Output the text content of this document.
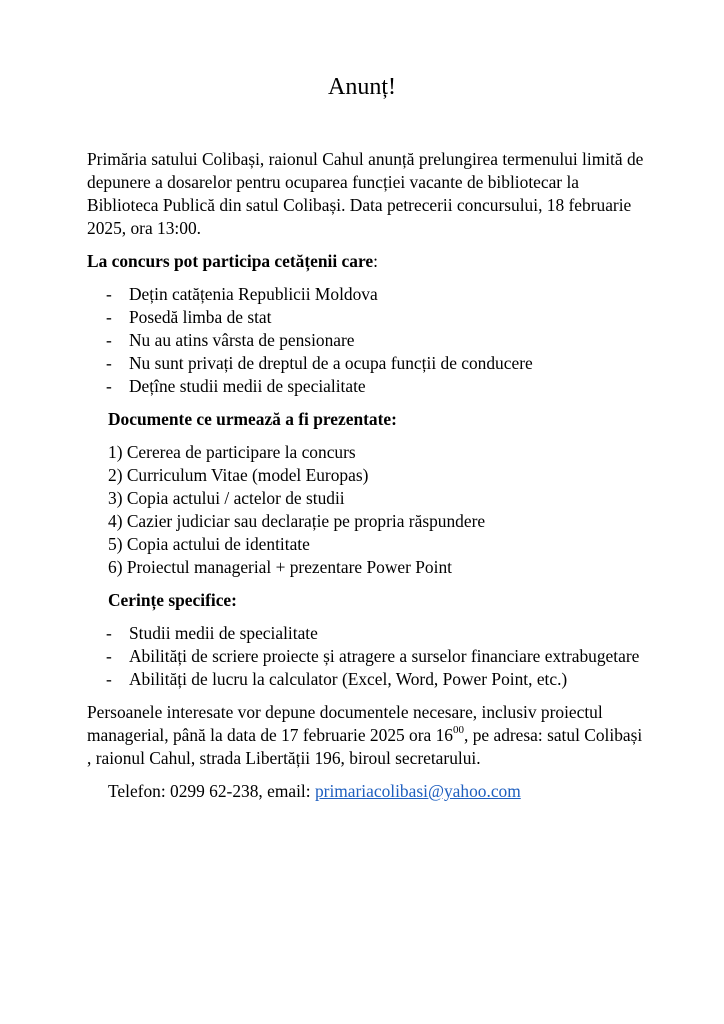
Anunț!

Primăria satului Colibași, raionul Cahul anunță prelungirea termenului limită de depunere a dosarelor pentru ocuparea funcției vacante de bibliotecar la Biblioteca Publică din satul Colibași. Data petrecerii concursului, 18 februarie 2025, ora 13:00.

La concurs pot participa cetățenii care:

- Dețin catățenia Republicii Moldova
- Posedă limba de stat
- Nu au atins vârsta de pensionare
- Nu sunt privați de dreptul de a ocupa funcții de conducere
- Dețîne studii medii de specialitate

Documente ce urmează a fi prezentate:

1) Cererea de participare la concurs
2) Curriculum Vitae (model Europas)
3) Copia actului / actelor de studii
4) Cazier judiciar sau declarație pe propria răspundere
5) Copia actului de identitate
6) Proiectul managerial + prezentare Power Point

Cerințe specifice:

- Studii medii de specialitate
- Abilități de scriere proiecte și atragere a surselor financiare extrabugetare
- Abilități de lucru la calculator (Excel, Word, Power Point, etc.)

Persoanele interesate vor depune documentele necesare, inclusiv proiectul managerial, până la data de 17 februarie 2025 ora $16^{00}$, pe adresa: satul Colibași , raionul Cahul, strada Libertății 196, biroul secretarului.

Telefon: 0299 62-238, email: primariacolibasi@yahoo.com
